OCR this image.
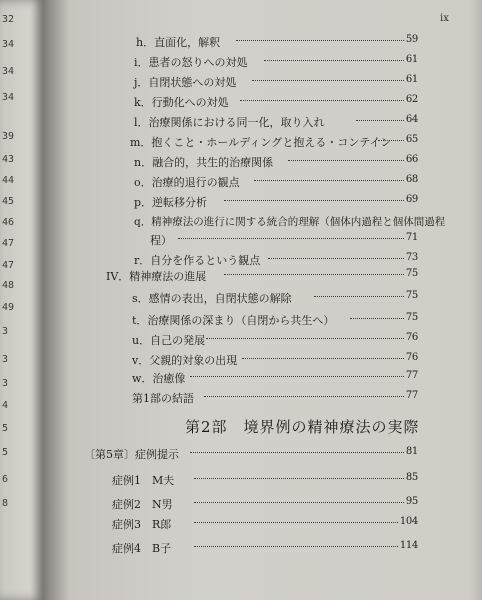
32
34
34
34
39
43
44
45
46
47
47
48
49
3
3
3
4
5
5
6
8
ix
h．直面化，解釈	59
i．患者の怒りへの対処	61
j．自閉状態への対処	61
k．行動化への対処	62
l．治療関係における同一化，取り入れ	64
m．抱くこと・ホールディングと抱える・コンテイン 65
n．融合的，共生的治療関係	66
o．治療的退行の観点	68
p．逆転移分析	69
q．精神療法の進行に関する統合的理解（個体内過程と個体間過程
程）	71
r．自分を作るという観点	73
IV．精神療法の進展	75
s．感情の表出，自閉状態の解除	75
t．治療関係の深まり（自閉から共生へ）	75
u．自己の発展	76
v．父親的対象の出現	76
w．治癒像	77
第1部の結語	77
第2部　境界例の精神療法の実際
〔第5章〕症例提示	81
症例1　M夫	85
症例2　N男	95
症例3　R郎	104
症例4　B子	114
